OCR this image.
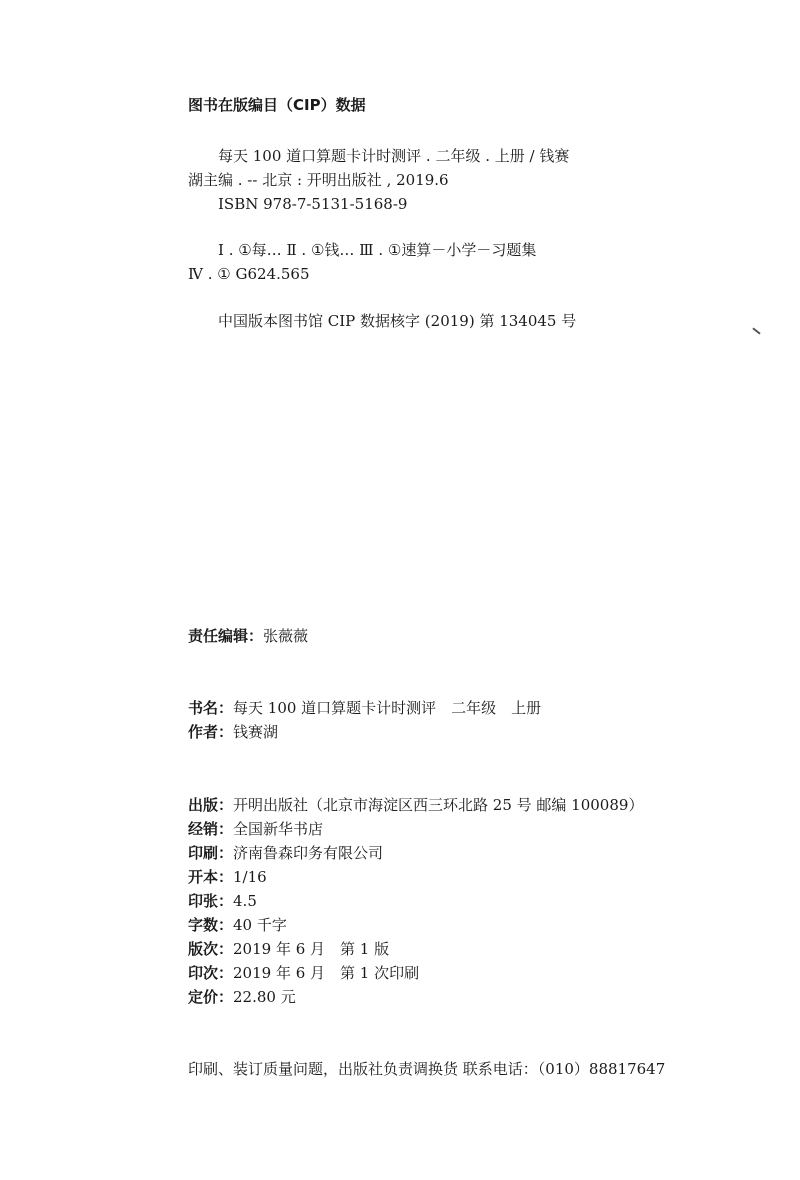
图书在版编目（CIP）数据
每天 100 道口算题卡计时测评 . 二年级 . 上册 / 钱赛
湖主编 . -- 北京 : 开明出版社 , 2019.6
ISBN 978-7-5131-5168-9
Ⅰ . ①每… Ⅱ . ①钱… Ⅲ . ①速算－小学－习题集
Ⅳ . ① G624.565
中国版本图书馆 CIP 数据核字 (2019) 第 134045 号
责任编辑：张薇薇
书名：每天 100 道口算题卡计时测评　二年级　上册
作者：钱赛湖
出版：开明出版社（北京市海淀区西三环北路 25 号 邮编 100089）
经销：全国新华书店
印刷：济南鲁森印务有限公司
开本：1/16
印张：4.5
字数：40 千字
版次：2019 年 6 月　第 1 版
印次：2019 年 6 月　第 1 次印刷
定价：22.80 元
印刷、装订质量问题，出版社负责调换货 联系电话：（010）88817647
